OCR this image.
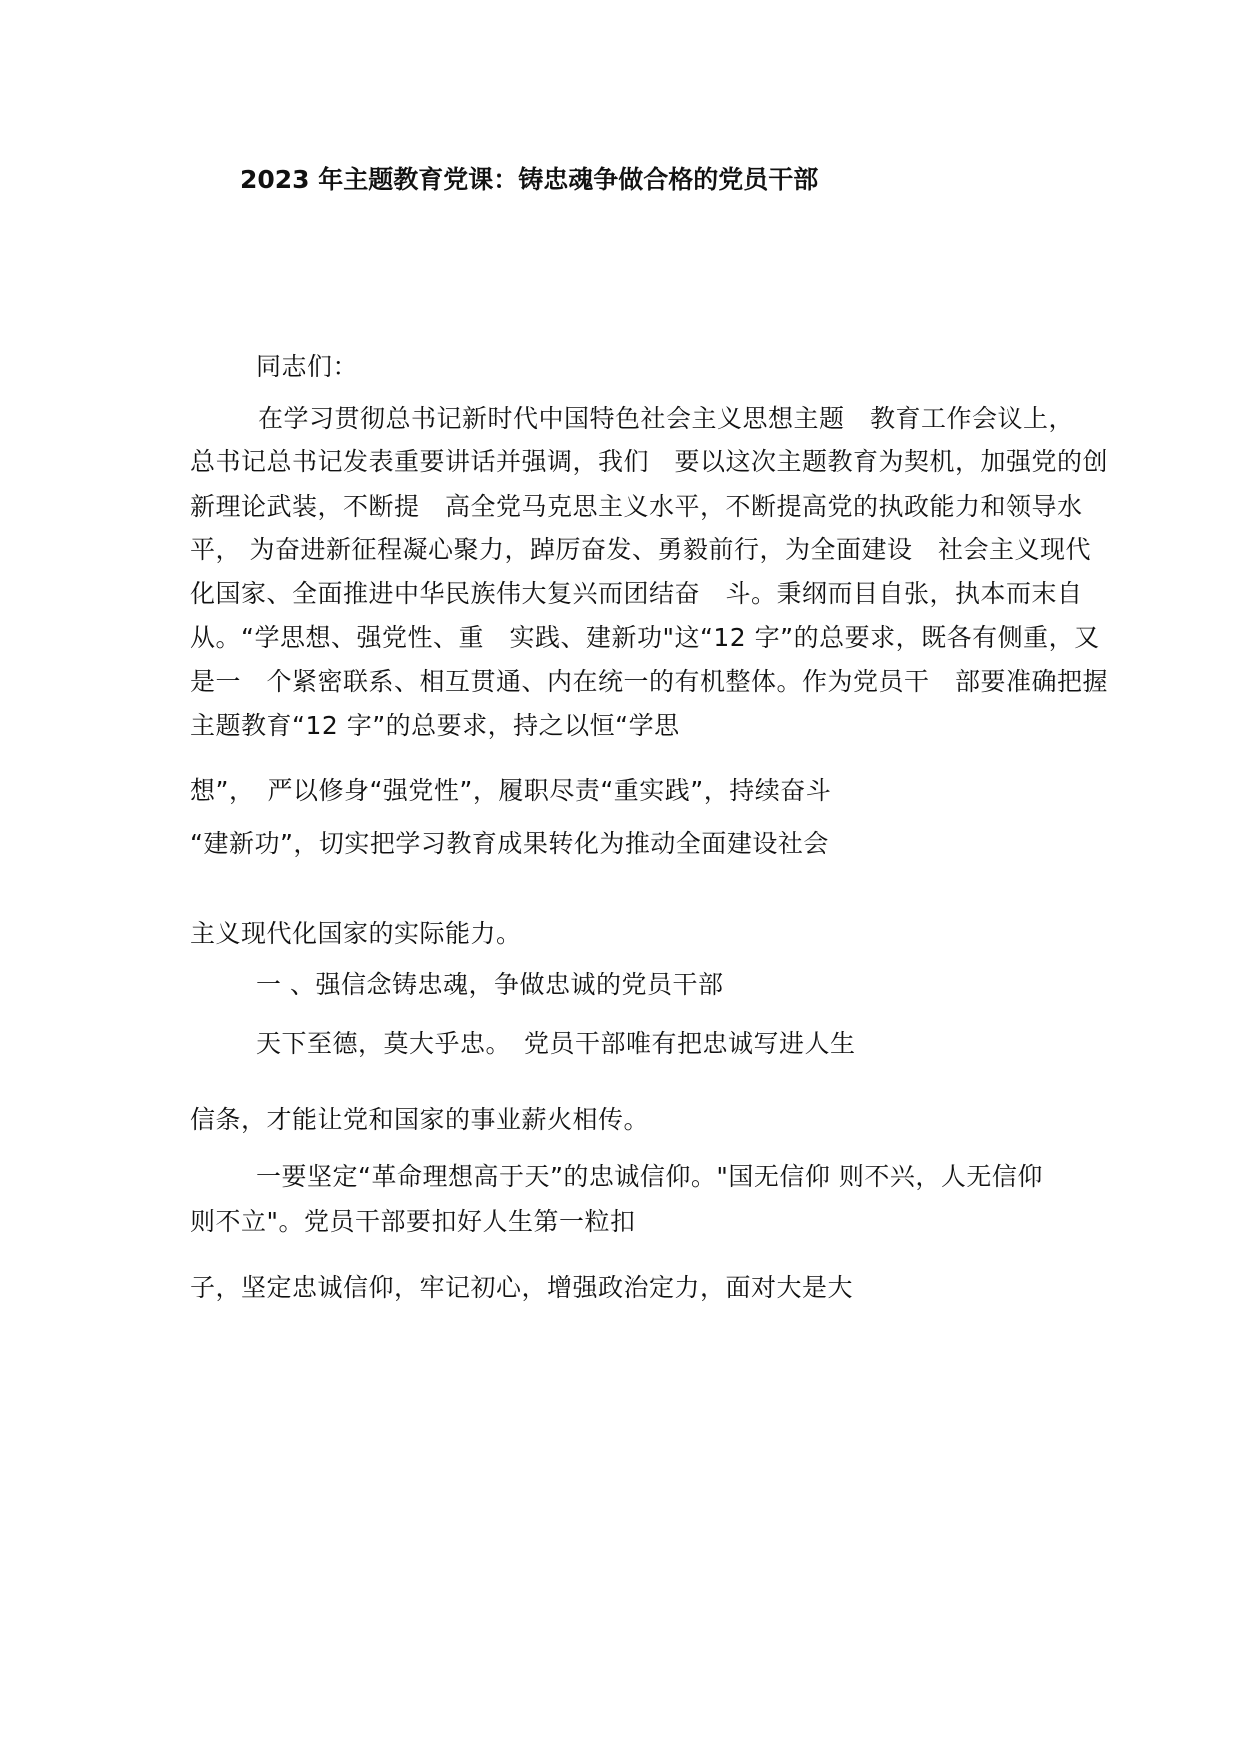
2023 年主题教育党课：铸忠魂争做合格的党员干部
同志们：
在学习贯彻总书记新时代中国特色社会主义思想主题　教育工作会议上，
总书记总书记发表重要讲话并强调，我们　要以这次主题教育为契机，加强党的创
新理论武装，不断提　高全党马克思主义水平，不断提高党的执政能力和领导水
平， 为奋进新征程凝心聚力，踔厉奋发、勇毅前行，为全面建设　社会主义现代
化国家、全面推进中华民族伟大复兴而团结奋　斗。秉纲而目自张，执本而末自
从。“学思想、强党性、重　实践、建新功"这“12 字”的总要求，既各有侧重，又
是一　个紧密联系、相互贯通、内在统一的有机整体。作为党员干　部要准确把握
主题教育“12 字”的总要求，持之以恒“学思
想”，　严以修身“强党性”，履职尽责“重实践”，持续奋斗
“建新功”，切实把学习教育成果转化为推动全面建设社会
主义现代化国家的实际能力。
一 、强信念铸忠魂，争做忠诚的党员干部
天下至德，莫大乎忠。　党员干部唯有把忠诚写进人生
信条，才能让党和国家的事业薪火相传。
一要坚定“革命理想高于天”的忠诚信仰。"国无信仰 则不兴，人无信仰
则不立"。党员干部要扣好人生第一粒扣
子，坚定忠诚信仰，牢记初心，增强政治定力，面对大是大
